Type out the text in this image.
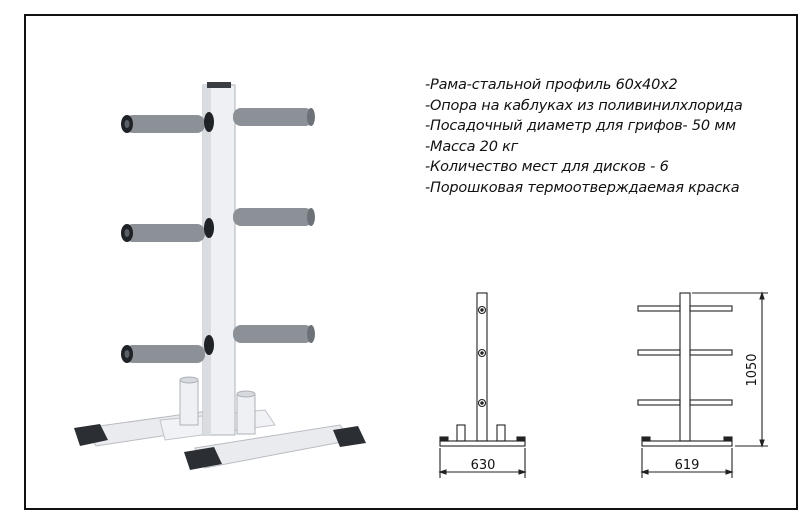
630	619
1050
-Рама-стальной профиль 60х40х2
-Опора на каблуках из поливинилхлорида
-Посадочный диаметр для грифов- 50 мм
-Масса 20 кг
-Количество мест для дисков - 6
-Порошковая термоотверждаемая краска
